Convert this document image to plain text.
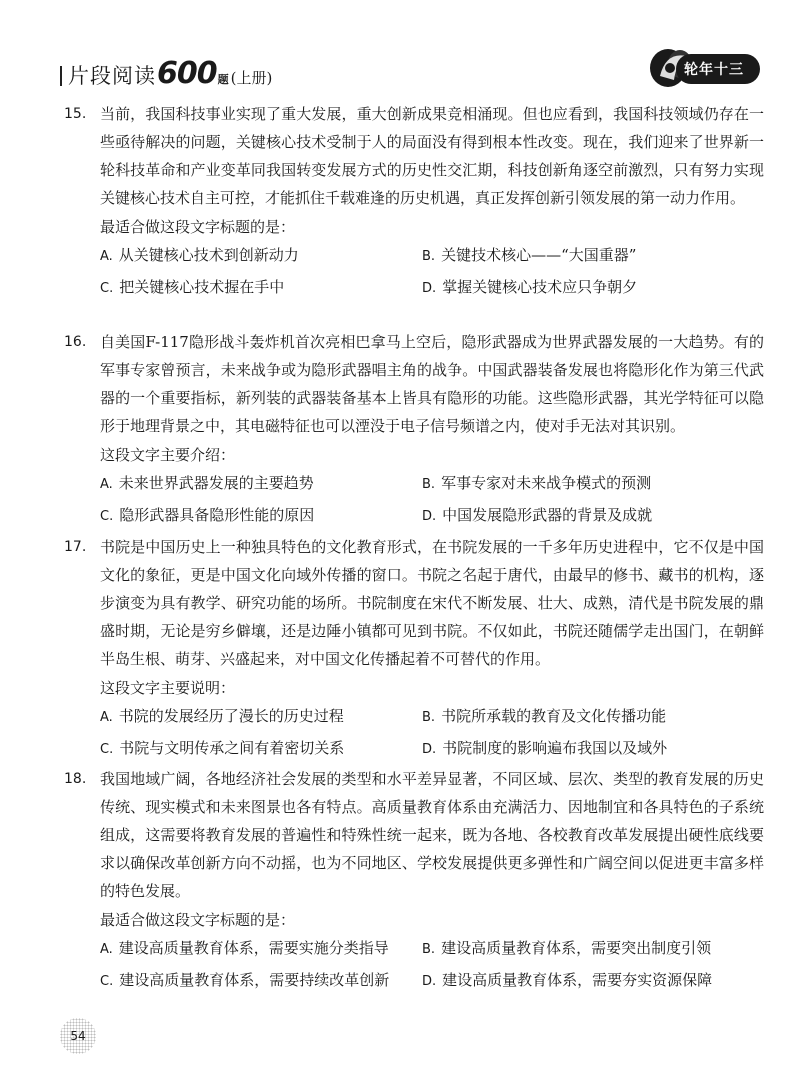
片段阅读 600 题 (上册)	轮年十三

15. 当前，我国科技事业实现了重大发展，重大创新成果竞相涌现。但也应看到，我国科技领域仍存在一些亟待解决的问题，关键核心技术受制于人的局面没有得到根本性改变。现在，我们迎来了世界新一轮科技革命和产业变革同我国转变发展方式的历史性交汇期，科技创新角逐空前激烈，只有努力实现关键核心技术自主可控，才能抓住千载难逢的历史机遇，真正发挥创新引领发展的第一动力作用。

最适合做这段文字标题的是：
A. 从关键核心技术到创新动力	B. 关键技术核心——“大国重器”
C. 把关键核心技术握在手中	D. 掌握关键核心技术应只争朝夕

16. 自美国F-117隐形战斗轰炸机首次亮相巴拿马上空后，隐形武器成为世界武器发展的一大趋势。有的军事专家曾预言，未来战争或为隐形武器唱主角的战争。中国武器装备发展也将隐形化作为第三代武器的一个重要指标，新列装的武器装备基本上皆具有隐形的功能。这些隐形武器，其光学特征可以隐形于地理背景之中，其电磁特征也可以湮没于电子信号频谱之内，使对手无法对其识别。

这段文字主要介绍：
A. 未来世界武器发展的主要趋势	B. 军事专家对未来战争模式的预测
C. 隐形武器具备隐形性能的原因	D. 中国发展隐形武器的背景及成就

17. 书院是中国历史上一种独具特色的文化教育形式，在书院发展的一千多年历史进程中，它不仅是中国文化的象征，更是中国文化向域外传播的窗口。书院之名起于唐代，由最早的修书、藏书的机构，逐步演变为具有教学、研究功能的场所。书院制度在宋代不断发展、壮大、成熟，清代是书院发展的鼎盛时期，无论是穷乡僻壤，还是边陲小镇都可见到书院。不仅如此，书院还随儒学走出国门，在朝鲜半岛生根、萌芽、兴盛起来，对中国文化传播起着不可替代的作用。

这段文字主要说明：
A. 书院的发展经历了漫长的历史过程	B. 书院所承载的教育及文化传播功能
C. 书院与文明传承之间有着密切关系	D. 书院制度的影响遍布我国以及域外

18. 我国地域广阔，各地经济社会发展的类型和水平差异显著，不同区域、层次、类型的教育发展的历史传统、现实模式和未来图景也各有特点。高质量教育体系由充满活力、因地制宜和各具特色的子系统组成，这需要将教育发展的普遍性和特殊性统一起来，既为各地、各校教育改革发展提出硬性底线要求以确保改革创新方向不动摇，也为不同地区、学校发展提供更多弹性和广阔空间以促进更丰富多样的特色发展。

最适合做这段文字标题的是：
A. 建设高质量教育体系，需要实施分类指导	B. 建设高质量教育体系，需要突出制度引领
C. 建设高质量教育体系，需要持续改革创新	D. 建设高质量教育体系，需要夯实资源保障
54
